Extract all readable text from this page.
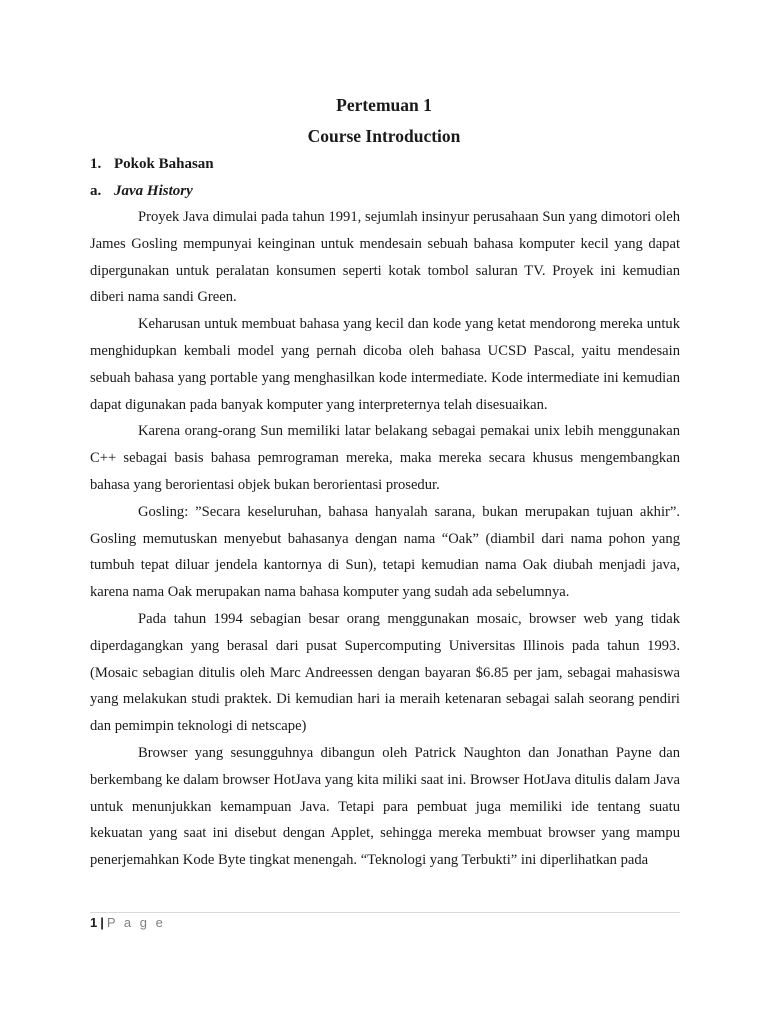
Pertemuan 1
Course Introduction
1. Pokok Bahasan
a. Java History

Proyek Java dimulai pada tahun 1991, sejumlah insinyur perusahaan Sun yang dimotori oleh James Gosling mempunyai keinginan untuk mendesain sebuah bahasa komputer kecil yang dapat dipergunakan untuk peralatan konsumen seperti kotak tombol saluran TV. Proyek ini kemudian diberi nama sandi Green.

Keharusan untuk membuat bahasa yang kecil dan kode yang ketat mendorong mereka untuk menghidupkan kembali model yang pernah dicoba oleh bahasa UCSD Pascal, yaitu mendesain sebuah bahasa yang portable yang menghasilkan kode intermediate. Kode intermediate ini kemudian dapat digunakan pada banyak komputer yang interpreternya telah disesuaikan.

Karena orang-orang Sun memiliki latar belakang sebagai pemakai unix lebih menggunakan C++ sebagai basis bahasa pemrograman mereka, maka mereka secara khusus mengembangkan bahasa yang berorientasi objek bukan berorientasi prosedur.

Gosling: ”Secara keseluruhan, bahasa hanyalah sarana, bukan merupakan tujuan akhir”. Gosling memutuskan menyebut bahasanya dengan nama “Oak” (diambil dari nama pohon yang tumbuh tepat diluar jendela kantornya di Sun), tetapi kemudian nama Oak diubah menjadi java, karena nama Oak merupakan nama bahasa komputer yang sudah ada sebelumnya.

Pada tahun 1994 sebagian besar orang menggunakan mosaic, browser web yang tidak diperdagangkan yang berasal dari pusat Supercomputing Universitas Illinois pada tahun 1993. (Mosaic sebagian ditulis oleh Marc Andreessen dengan bayaran $6.85 per jam, sebagai mahasiswa yang melakukan studi praktek. Di kemudian hari ia meraih ketenaran sebagai salah seorang pendiri dan pemimpin teknologi di netscape)

Browser yang sesungguhnya dibangun oleh Patrick Naughton dan Jonathan Payne dan berkembang ke dalam browser HotJava yang kita miliki saat ini. Browser HotJava ditulis dalam Java untuk menunjukkan kemampuan Java. Tetapi para pembuat juga memiliki ide tentang suatu kekuatan yang saat ini disebut dengan Applet, sehingga mereka membuat browser yang mampu penerjemahkan Kode Byte tingkat menengah. “Teknologi yang Terbukti” ini diperlihatkan pada

1 | P a g e
